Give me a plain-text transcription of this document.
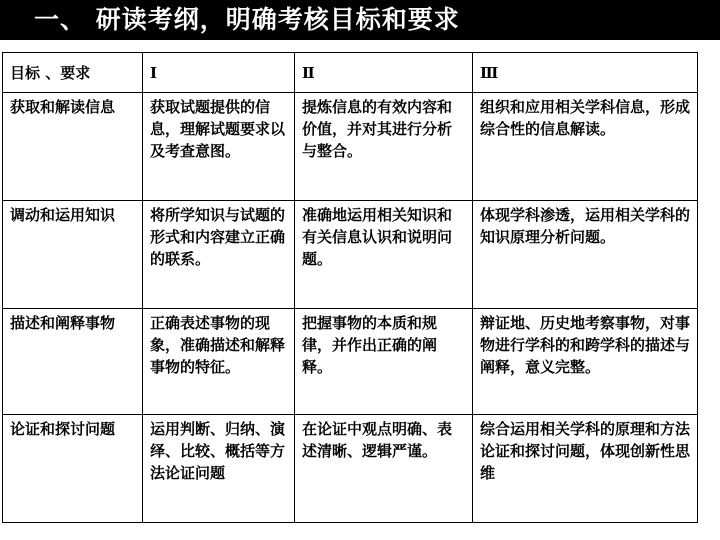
一、 研读考纲，明确考核目标和要求
目标 、要求	Ⅰ	Ⅱ	Ⅲ
获取和解读信息	获取试题提供的信息，理解试题要求以及考查意图。	提炼信息的有效内容和价值，并对其进行分析与整合。	组织和应用相关学科信息，形成综合性的信息解读。
调动和运用知识	将所学知识与试题的形式和内容建立正确的联系。	准确地运用相关知识和有关信息认识和说明问题。	体现学科渗透，运用相关学科的知识原理分析问题。
描述和阐释事物	正确表述事物的现象，准确描述和解释事物的特征。	把握事物的本质和规律，并作出正确的阐释。	辩证地、历史地考察事物，对事物进行学科的和跨学科的描述与阐释，意义完整。
论证和探讨问题	运用判断、归纳、演绎、比较、概括等方法论证问题	在论证中观点明确、表述清晰、逻辑严谨。	综合运用相关学科的原理和方法论证和探讨问题，体现创新性思维
